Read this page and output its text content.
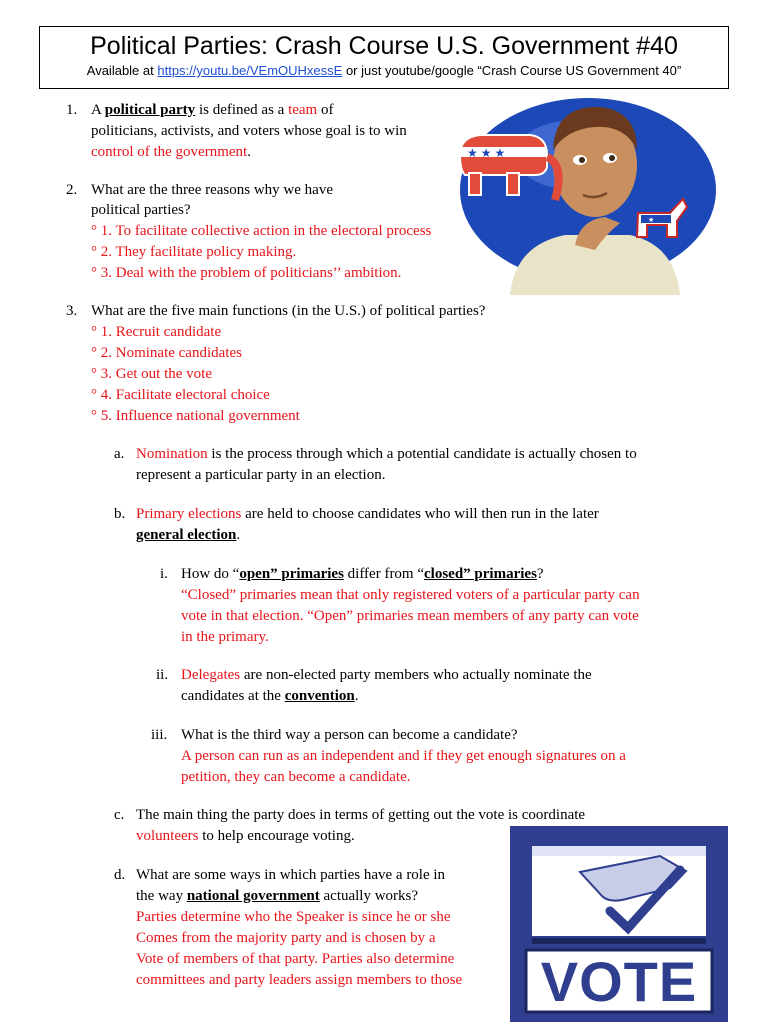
Political Parties: Crash Course U.S. Government #40
Available at https://youtu.be/VEmOUHxessE or just youtube/google “Crash Course US Government 40”
★ ★ ★
★
1. A political party is defined as a team of
politicians, activists, and voters whose goal is to win
control of the government.
2. What are the three reasons why we have
political parties?
° 1. To facilitate collective action in the electoral process
° 2. They facilitate policy making.
° 3. Deal with the problem of politicians’’ ambition.
3. What are the five main functions (in the U.S.) of political parties?
° 1. Recruit candidate
° 2. Nominate candidates
° 3. Get out the vote
° 4. Facilitate electoral choice
° 5. Influence national government
a. Nomination is the process through which a potential candidate is actually chosen to
represent a particular party in an election.
b. Primary elections are held to choose candidates who will then run in the later
general election.
i. How do “open” primaries differ from “closed” primaries?
“Closed” primaries mean that only registered voters of a particular party can
vote in that election. “Open” primaries mean members of any party can vote
in the primary.
ii. Delegates are non-elected party members who actually nominate the
candidates at the convention.
iii. What is the third way a person can become a candidate?
A person can run as an independent and if they get enough signatures on a
petition, they can become a candidate.
c. The main thing the party does in terms of getting out the vote is coordinate
volunteers to help encourage voting.
d. What are some ways in which parties have a role in
the way national government actually works?
Parties determine who the Speaker is since he or she
Comes from the majority party and is chosen by a
Vote of members of that party. Parties also determine
committees and party leaders assign members to those VOTE
